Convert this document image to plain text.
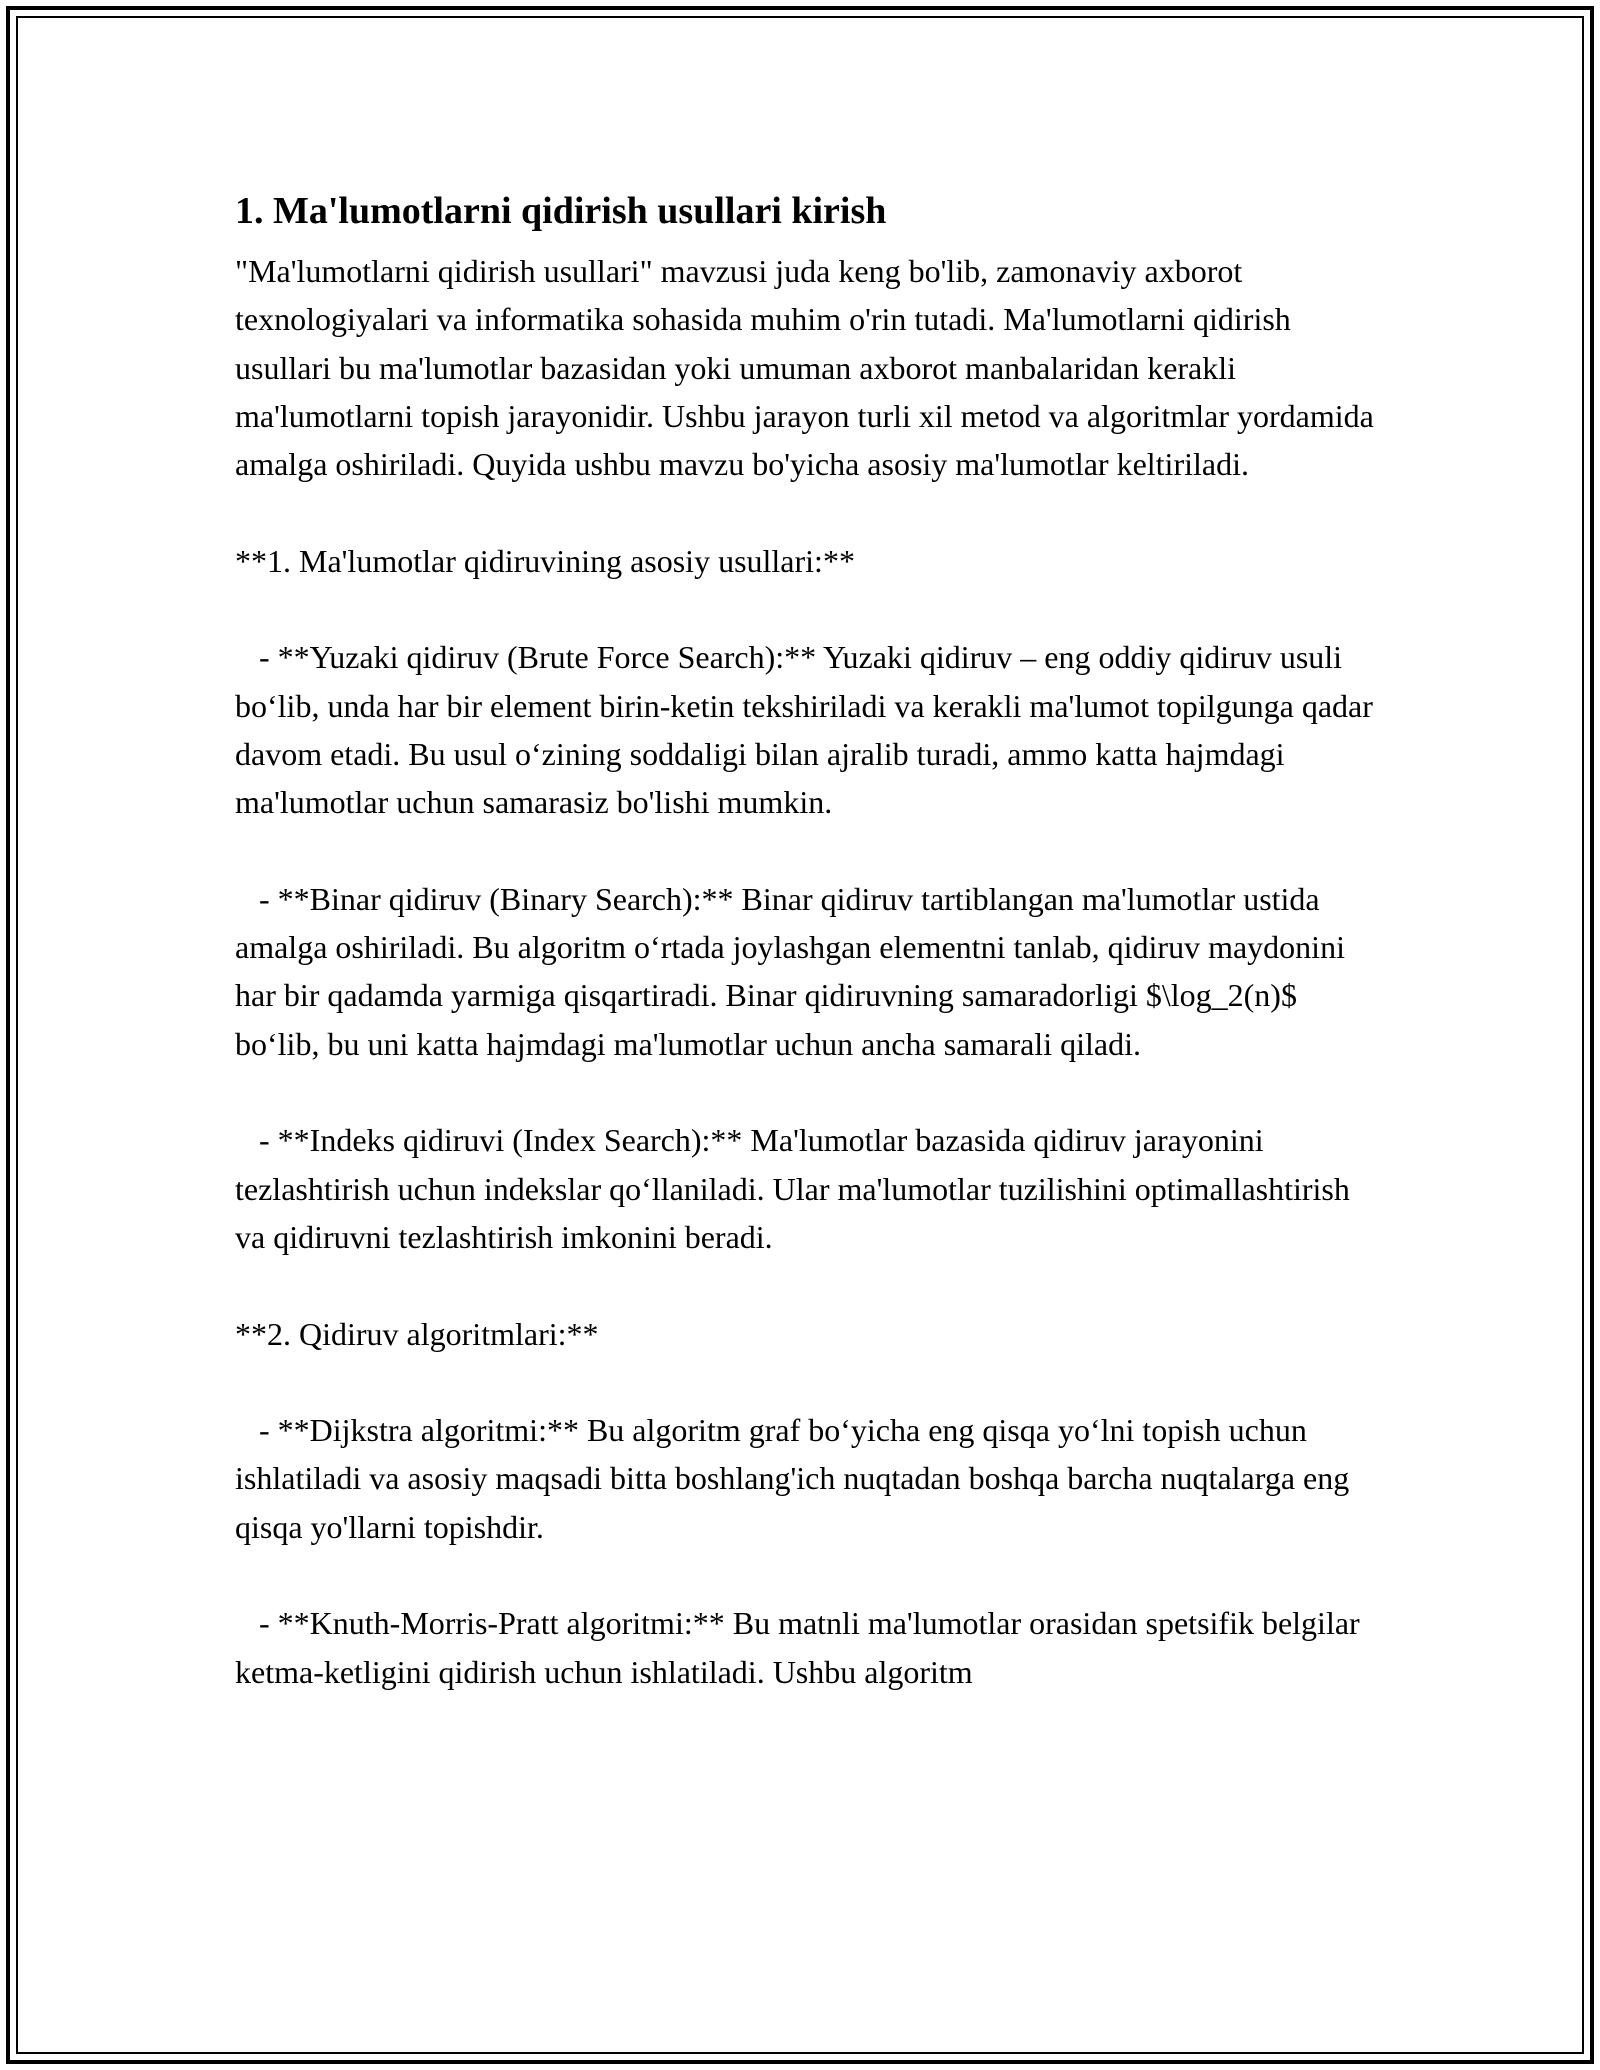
1. Ma'lumotlarni qidirish usullari kirish

"Ma'lumotlarni qidirish usullari" mavzusi juda keng bo'lib, zamonaviy axborot texnologiyalari va informatika sohasida muhim o'rin tutadi. Ma'lumotlarni qidirish usullari bu ma'lumotlar bazasidan yoki umuman axborot manbalaridan kerakli ma'lumotlarni topish jarayonidir. Ushbu jarayon turli xil metod va algoritmlar yordamida amalga oshiriladi. Quyida ushbu mavzu bo'yicha asosiy ma'lumotlar keltiriladi.

**1. Ma'lumotlar qidiruvining asosiy usullari:**

- **Yuzaki qidiruv (Brute Force Search):** Yuzaki qidiruv – eng oddiy qidiruv usuli bo‘lib, unda har bir element birin-ketin tekshiriladi va kerakli ma'lumot topilgunga qadar davom etadi. Bu usul o‘zining soddaligi bilan ajralib turadi, ammo katta hajmdagi ma'lumotlar uchun samarasiz bo'lishi mumkin.

- **Binar qidiruv (Binary Search):** Binar qidiruv tartiblangan ma'lumotlar ustida amalga oshiriladi. Bu algoritm o‘rtada joylashgan elementni tanlab, qidiruv maydonini har bir qadamda yarmiga qisqartiradi. Binar qidiruvning samaradorligi $\log_2(n)$ bo‘lib, bu uni katta hajmdagi ma'lumotlar uchun ancha samarali qiladi.

- **Indeks qidiruvi (Index Search):** Ma'lumotlar bazasida qidiruv jarayonini tezlashtirish uchun indekslar qo‘llaniladi. Ular ma'lumotlar tuzilishini optimallashtirish va qidiruvni tezlashtirish imkonini beradi.

**2. Qidiruv algoritmlari:**

- **Dijkstra algoritmi:** Bu algoritm graf bo‘yicha eng qisqa yo‘lni topish uchun ishlatiladi va asosiy maqsadi bitta boshlang'ich nuqtadan boshqa barcha nuqtalarga eng qisqa yo'llarni topishdir.

- **Knuth-Morris-Pratt algoritmi:** Bu matnli ma'lumotlar orasidan spetsifik belgilar ketma-ketligini qidirish uchun ishlatiladi. Ushbu algoritm
